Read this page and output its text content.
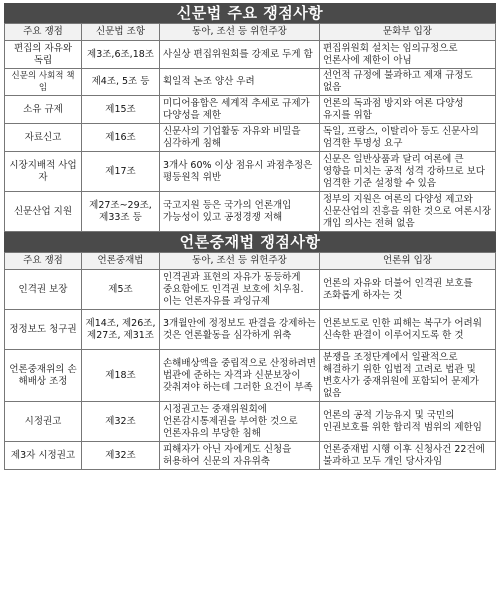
신문법 주요 쟁점사항
주요 쟁점	신문법 조항	동아, 조선 등 위헌주장	문화부 입장
편집의 자유와 독립	제3조,6조,18조	사실상 편집위원회를 강제로 두게 함	편집위원회 설치는 임의규정으로 언론사에 제한이 아님
신문의 사회적 책임	제4조, 5조 등	획일적 논조 양산 우려	선언적 규정에 불과하고 제재 규정도 없음
소유 규제	제15조	미디어융합은 세계적 추세로 규제가 다양성을 제한	언론의 독과점 방지와 여론 다양성 유지를 위함
자료신고	제16조	신문사의 기업활동 자유와 비밀을 심각하게 침해	독일, 프랑스, 이탈리아 등도 신문사의 엄격한 투명성 요구
시장지배적 사업자	제17조	3개사 60% 이상 점유시 과점추정은 평등원칙 위반	신문은 일반상품과 달리 여론에 큰 영향을 미치는 공적 성격 강하므로 보다 엄격한 기준 설정할 수 있음
신문산업 지원	제27조~29조, 제33조 등	국고지원 등은 국가의 언론개입 가능성이 있고 공정경쟁 저해	정부의 지원은 여론의 다양성 제고와 신문산업의 진흥을 위한 것으로 여론시장 개입 의사는 전혀 없음
언론중재법 쟁점사항
주요 쟁점	언론중재법	동아, 조선 등 위헌주장	언론위 입장
인격권 보장	제5조	인격권과 표현의 자유가 동등하게 중요함에도 인격권 보호에 치우침. 이는 언론자유를 과잉규제	언론의 자유와 더불어 인격권 보호를 조화롭게 하자는 것
정정보도 청구권	제14조, 제26조, 제27조, 제31조	3개월안에 정정보도 판결을 강제하는 것은 언론활동을 심각하게 위축	언론보도로 인한 피해는 복구가 어려워 신속한 판결이 이루어지도록 한 것
언론중재위의 손해배상 조정	제18조	손해배상액을 중립적으로 산정하려면 법관에 준하는 자격과 신분보장이 갖춰져야 하는데 그러한 요건이 부족	분쟁을 조정단계에서 일괄적으로 해결하기 위한 입법적 고려로 법관 및 변호사가 중재위원에 포함되어 문제가 없음
시정권고	제32조	시정권고는 중재위원회에 언론감시통제권을 부여한 것으로 언론자유의 부당한 침해	언론의 공적 기능유지 및 국민의 인권보호를 위한 합리적 범위의 제한임
제3자 시정권고	제32조	피해자가 아닌 자에게도 신청을 허용하여 신문의 자유위축	언론중재법 시행 이후 신청사건 22건에 불과하고 모두 개인 당사자임
